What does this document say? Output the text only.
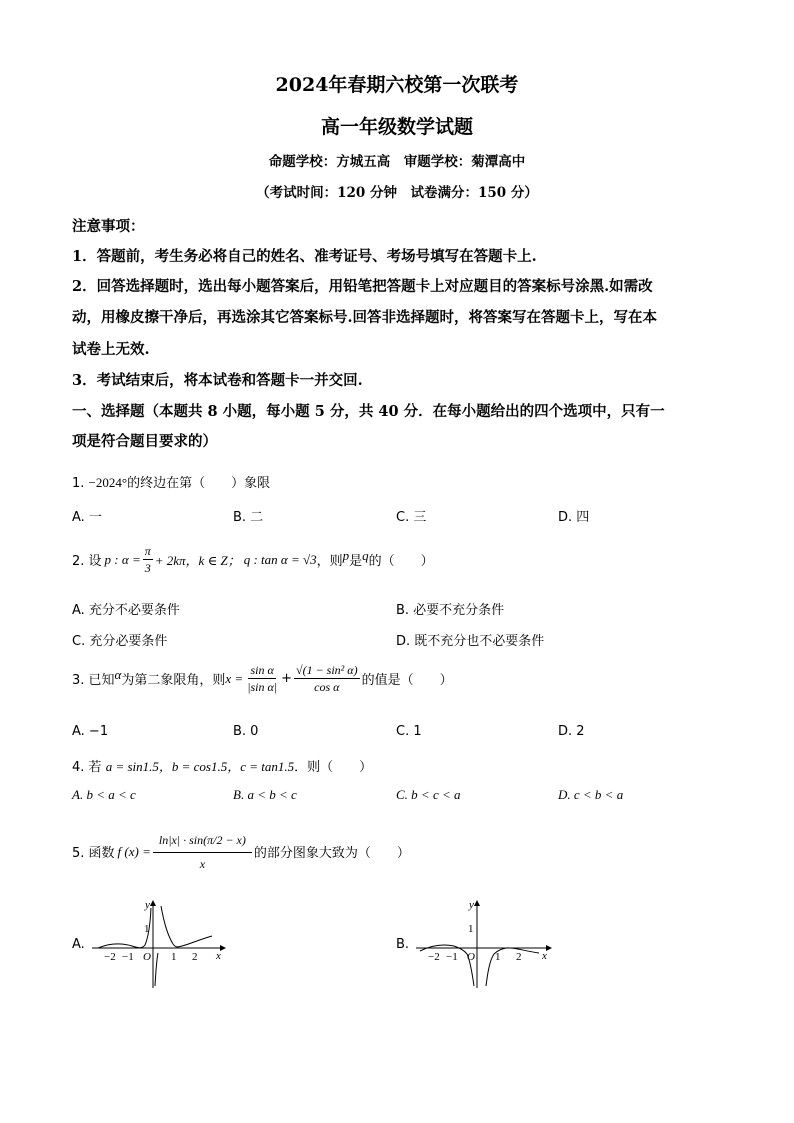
2024年春期六校第一次联考
高一年级数学试题
命题学校：方城五高　审题学校：菊潭高中
（考试时间：120 分钟　试卷满分：150 分）
注意事项：
1．答题前，考生务必将自己的姓名、准考证号、考场号填写在答题卡上.
2．回答选择题时，选出每小题答案后，用铅笔把答题卡上对应题目的答案标号涂黑.如需改
动，用橡皮擦干净后，再选涂其它答案标号.回答非选择题时，将答案写在答题卡上，写在本
试卷上无效.
3．考试结束后，将本试卷和答题卡一并交回.
一、选择题（本题共 8 小题，每小题 5 分，共 40 分．在每小题给出的四个选项中，只有一
项是符合题目要求的）
1. −2024°的终边在第（　　）象限
A. 一	B. 二	C. 三	D. 四
2. 设 p : $\alpha = \frac{\pi}{3} + 2k\pi$，k ∈ Z； q : tan α = √3 ，则 p 是 q 的（　　）
A. 充分不必要条件	B. 必要不充分条件
C. 充分必要条件	D. 既不充分也不必要条件
3. 已知 α 为第二象限角，则 $x = \frac{\text{sin α}}{\text{|sin α|}} + \frac{\text{√(1 − sin² α)}}{\text{cos α}}$ 的值是（　　）
A. −1	B. 0	C. 1	D. 2
4. 若 a = sin1.5，b = cos1.5，c = tan1.5．则（　　）
A. b < a < c	B. a < b < c	C. b < c < a	D. c < b < a
5. 函数 f $(x) = \frac{\ln|x| \cdot \sin(\pi/2 - x)}{x}$ 的部分图象大致为（　　）
A.	B.
y
x
O
1
−2 −1	1 2
y
x
O
1
−2 −1	1 2
